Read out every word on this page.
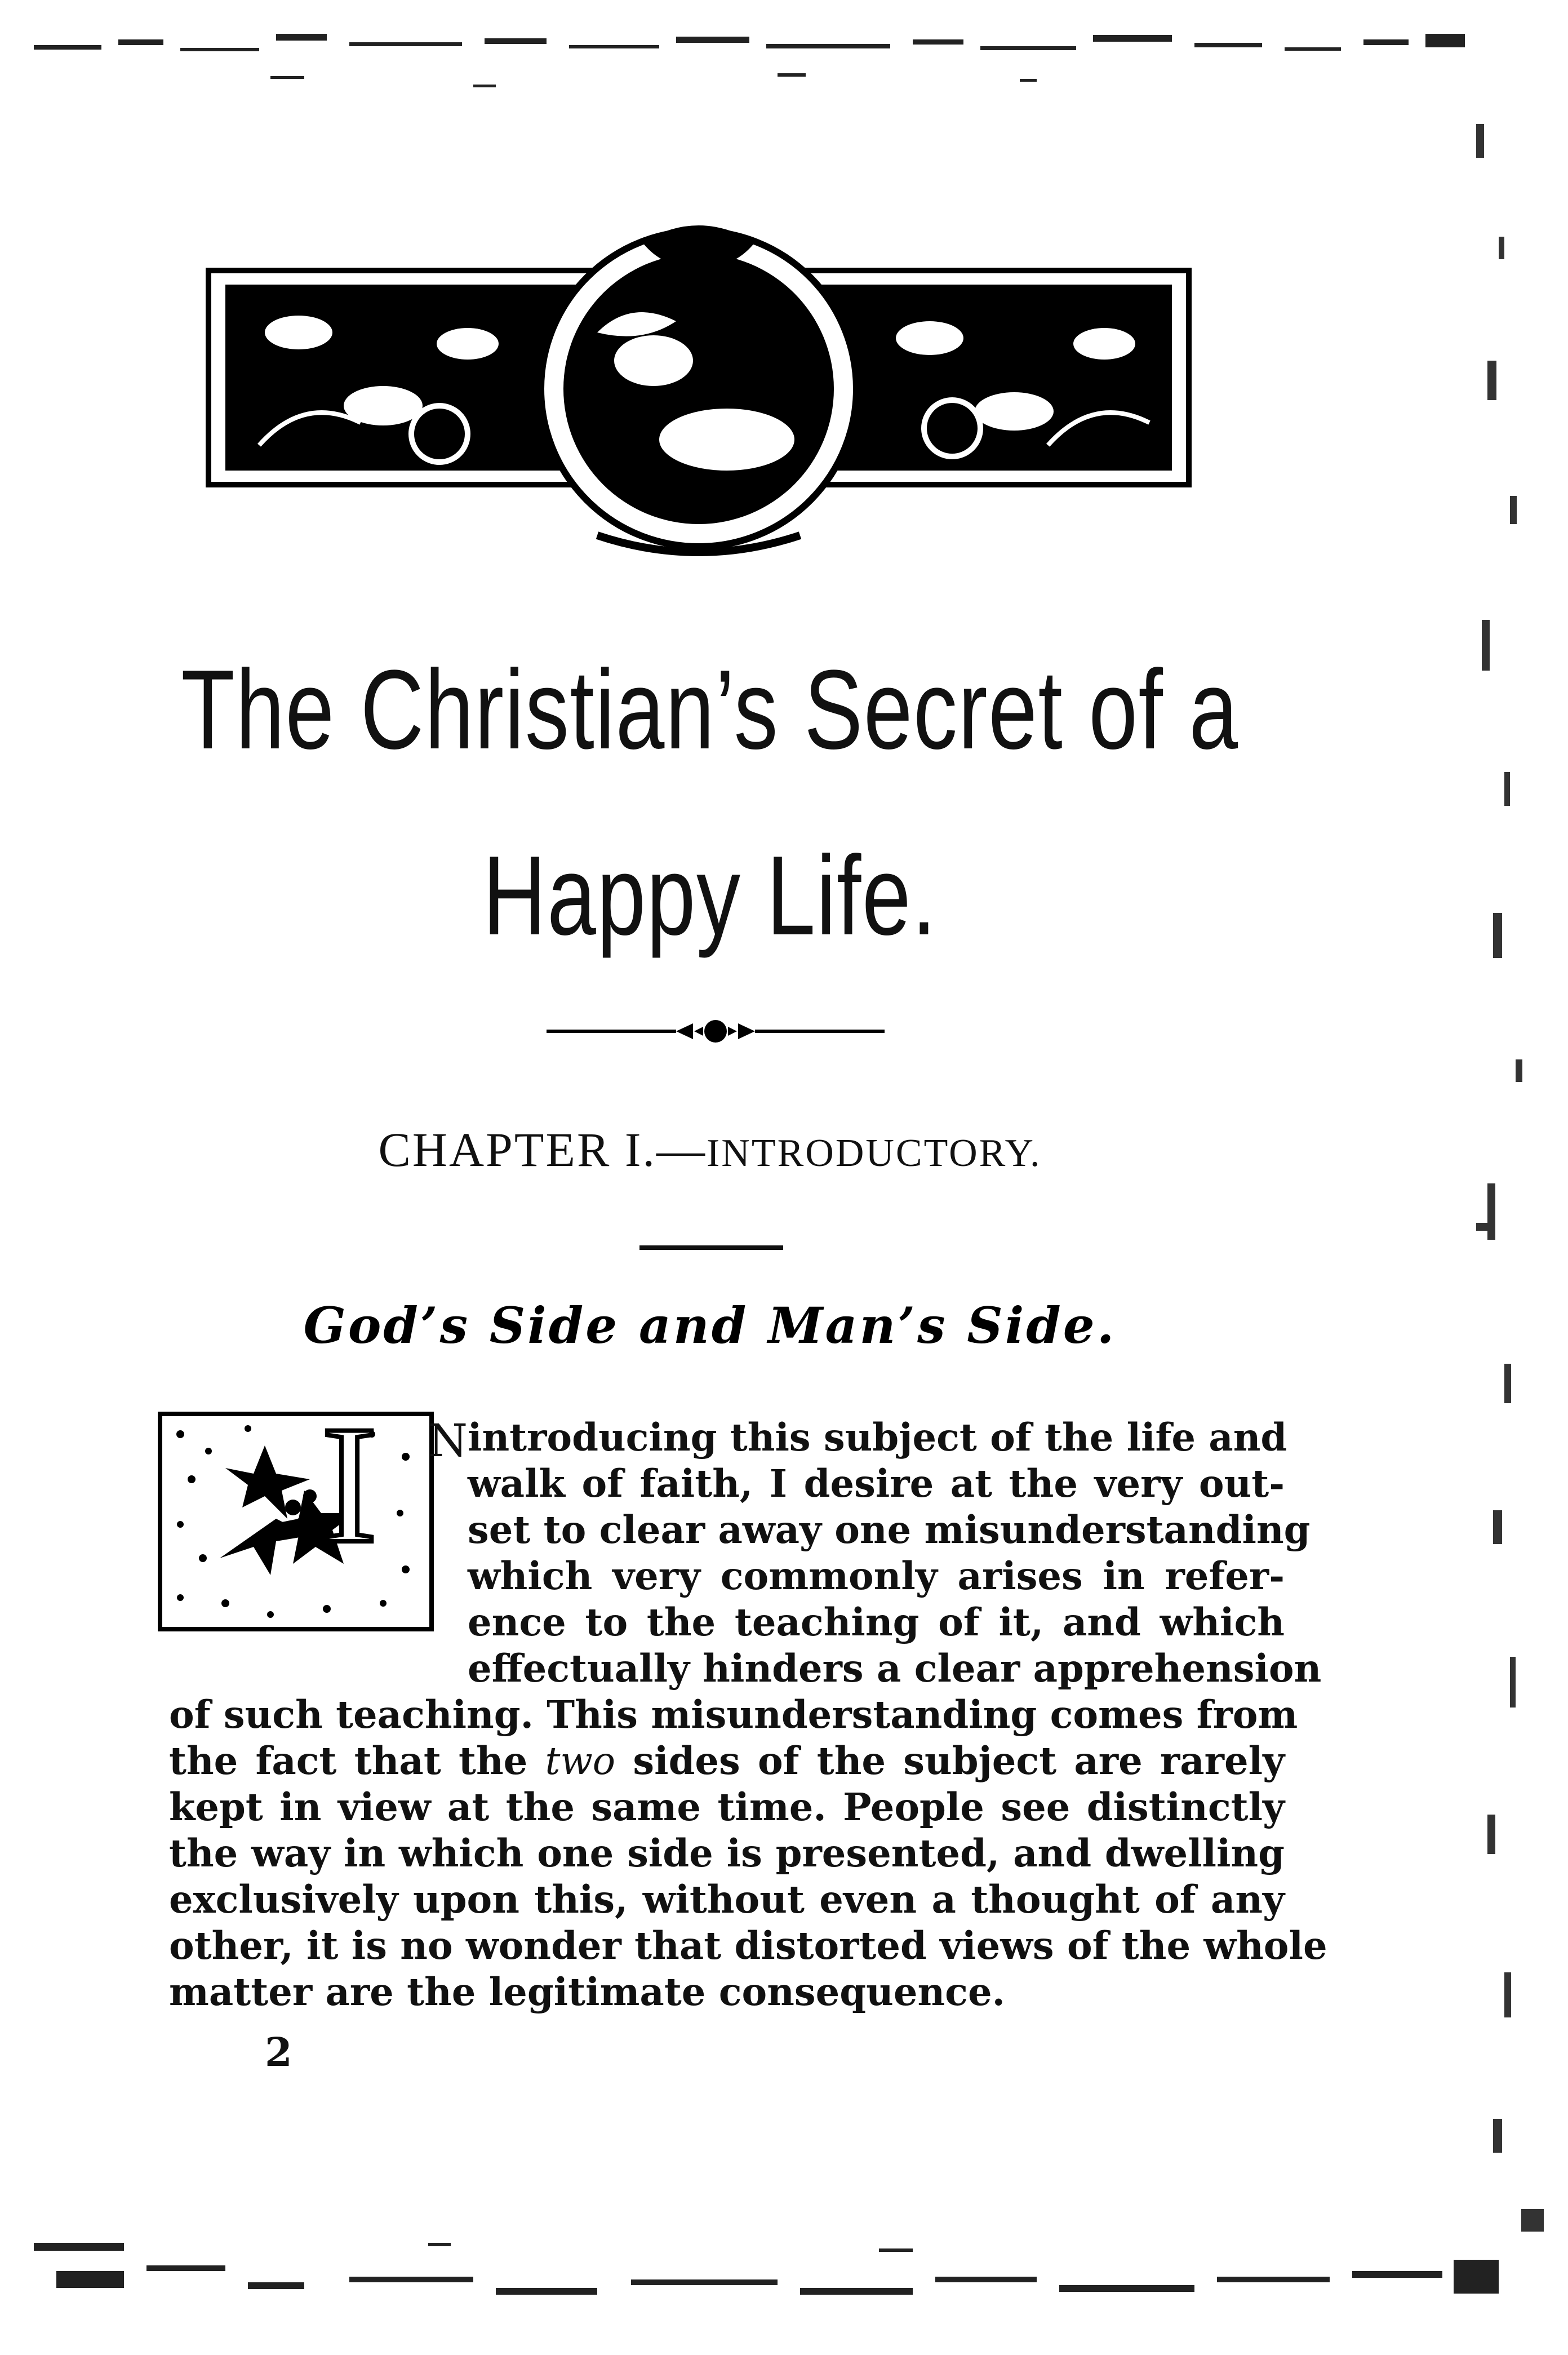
The Christian’s Secret of a
Happy Life.
CHAPTER I.—INTRODUCTORY.
God’s Side and Man’s Side.
I N introducing this subject of the life and
walk of faith, I desire at the very out-
set to clear away one misunderstanding
which very commonly arises in refer-
ence to the teaching of it, and which
effectually hinders a clear apprehension
of such teaching. This misunderstanding comes from
the fact that the two sides of the subject are rarely
kept in view at the same time. People see distinctly
the way in which one side is presented, and dwelling
exclusively upon this, without even a thought of any
other, it is no wonder that distorted views of the whole
matter are the legitimate consequence.
2
